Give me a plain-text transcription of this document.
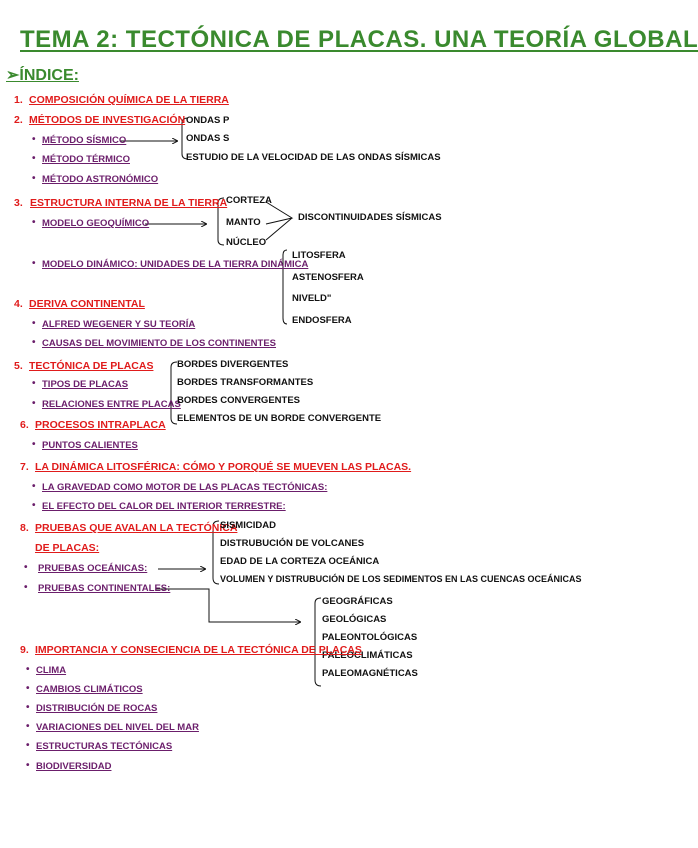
TEMA 2: TECTÓNICA DE PLACAS. UNA TEORÍA GLOBAL
➢ÍNDICE:
1. COMPOSICIÓN QUÍMICA DE LA TIERRA
2. MÉTODOS DE INVESTIGACIÓN
• MÉTODO SÍSMICO
• MÉTODO TÉRMICO
• MÉTODO ASTRONÓMICO
ONDAS P
ONDAS S
ESTUDIO DE LA VELOCIDAD DE LAS ONDAS SÍSMICAS
3. ESTRUCTURA INTERNA DE LA TIERRA
• MODELO GEOQUÍMICO
• MODELO DINÁMICO: UNIDADES DE LA TIERRA DINÁMICA
CORTEZA
MANTO
NÚCLEO
DISCONTINUIDADES SÍSMICAS
LITOSFERA
ASTENOSFERA
NIVELD"
ENDOSFERA
4. DERIVA CONTINENTAL
• ALFRED WEGENER Y SU TEORÍA
• CAUSAS DEL MOVIMIENTO DE LOS CONTINENTES
5. TECTÓNICA DE PLACAS
• TIPOS DE PLACAS
• RELACIONES ENTRE PLACAS
BORDES DIVERGENTES
BORDES TRANSFORMANTES
BORDES CONVERGENTES
ELEMENTOS DE UN BORDE CONVERGENTE
6. PROCESOS INTRAPLACA
• PUNTOS CALIENTES
7. LA DINÁMICA LITOSFÉRICA: CÓMO Y PORQUÉ SE MUEVEN LAS PLACAS.
• LA GRAVEDAD COMO MOTOR DE LAS PLACAS TECTÓNICAS:
• EL EFECTO DEL CALOR DEL INTERIOR TERRESTRE:
8. PRUEBAS QUE AVALAN LA TECTÓNICA
DE PLACAS:
• PRUEBAS OCEÁNICAS:
• PRUEBAS CONTINENTALES:
SISMICIDAD
DISTRUBUCIÓN DE VOLCANES
EDAD DE LA CORTEZA OCEÁNICA
VOLUMEN Y DISTRUBUCIÓN DE LOS SEDIMENTOS EN LAS CUENCAS OCEÁNICAS
GEOGRÁFICAS
GEOLÓGICAS
PALEONTOLÓGICAS
PALEOCLIMÁTICAS
PALEOMAGNÉTICAS
9. IMPORTANCIA Y CONSECIENCIA DE LA TECTÓNICA DE PLACAS
• CLIMA
• CAMBIOS CLIMÁTICOS
• DISTRIBUCIÓN DE ROCAS
• VARIACIONES DEL NIVEL DEL MAR
• ESTRUCTURAS TECTÓNICAS
• BIODIVERSIDAD
